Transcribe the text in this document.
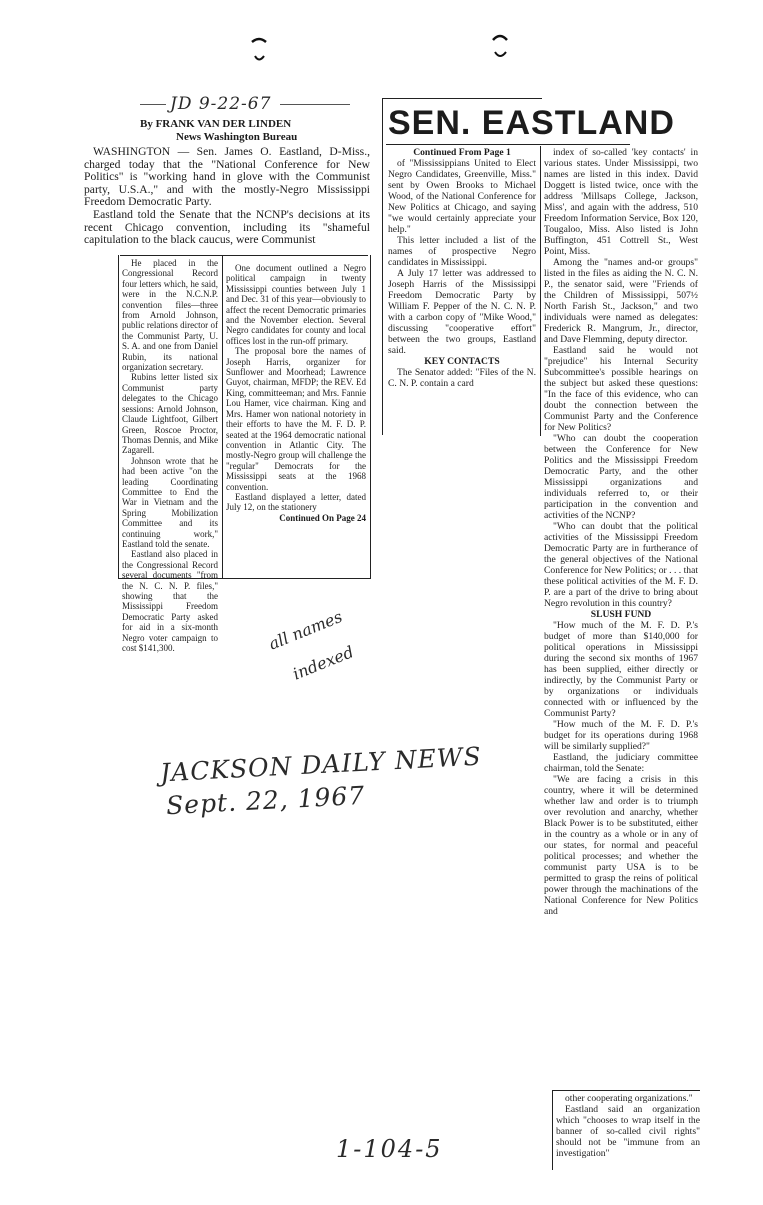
JD 9-22-67
By FRANK VAN DER LINDEN
News Washington Bureau

WASHINGTON — Sen. James O. Eastland, D-Miss., charged today that the "National Conference for New Politics" is "working hand in glove with the Communist party, U.S.A.," and with the mostly-Negro Mississippi Freedom Democratic Party.

Eastland told the Senate that the NCNP's decisions at its recent Chicago convention, including its "shameful capitulation to the black caucus, were Communist

He placed in the Congressional Record four letters which, he said, were in the N.C.N.P. convention files—three from Arnold Johnson, public relations director of the Communist Party, U. S. A. and one from Daniel Rubin, its national organization secretary.

Rubins letter listed six Communist party delegates to the Chicago sessions: Arnold Johnson, Claude Lightfoot, Gilbert Green, Roscoe Proctor, Thomas Dennis, and Mike Zagarell.

Johnson wrote that he had been active "on the leading Coordinating Committee to End the War in Vietnam and the Spring Mobilization Committee and its continuing work," Eastland told the senate.

Eastland also placed in the Congressional Record several documents "from the N. C. N. P. files," showing that the Mississippi Freedom Democratic Party asked for aid in a six-month Negro voter campaign to cost $141,300.

One document outlined a Negro political campaign in twenty Mississippi counties between July 1 and Dec. 31 of this year—obviously to affect the recent Democratic primaries and the November election. Several Negro candidates for county and local offices lost in the run-off primary.

The proposal bore the names of Joseph Harris, organizer for Sunflower and Moorhead; Lawrence Guyot, chairman, MFDP; the REV. Ed King, committeeman; and Mrs. Fannie Lou Hamer, vice chairman. King and Mrs. Hamer won national notoriety in their efforts to have the M. F. D. P. seated at the 1964 democratic national convention in Atlantic City. The mostly-Negro group will challenge the "regular" Democrats for the Mississippi seats at the 1968 convention.

Eastland displayed a letter, dated July 12, on the stationery

Continued On Page 24

SEN. EASTLAND

Continued From Page 1

of "Mississippians United to Elect Negro Candidates, Greenville, Miss." sent by Owen Brooks to Michael Wood, of the National Conference for New Politics at Chicago, and saying "we would certainly appreciate your help."

This letter included a list of the names of prospective Negro candidates in Mississippi.

A July 17 letter was addressed to Joseph Harris of the Mississippi Freedom Democratic Party by William F. Pepper of the N. C. N. P. with a carbon copy of "Mike Wood," discussing "cooperative effort" between the two groups, Eastland said.

KEY CONTACTS

The Senator added: "Files of the N. C. N. P. contain a card

index of so-called 'key contacts' in various states. Under Mississippi, two names are listed in this index. David Doggett is listed twice, once with the address 'Millsaps College, Jackson, Miss', and again with the address, 510 Freedom Information Service, Box 120, Tougaloo, Miss. Also listed is John Buffington, 451 Cottrell St., West Point, Miss.

Among the "names and-or groups" listed in the files as aiding the N. C. N. P., the senator said, were "Friends of the Children of Mississippi, 507½ North Farish St., Jackson," and two individuals were named as delegates: Frederick R. Mangrum, Jr., director, and Dave Flemming, deputy director.

Eastland said he would not "prejudice" his Internal Security Subcommittee's possible hearings on the subject but asked these questions: "In the face of this evidence, who can doubt the connection between the Communist Party and the Conference for New Politics?

"Who can doubt the cooperation between the Conference for New Politics and the Mississippi Freedom Democratic Party, and the other Mississippi organizations and individuals referred to, or their participation in the convention and activities of the NCNP?

"Who can doubt that the political activities of the Mississippi Freedom Democratic Party are in furtherance of the general objectives of the National Conference for New Politics; or . . . that these political activities of the M. F. D. P. are a part of the drive to bring about Negro revolution in this country?

SLUSH FUND

"How much of the M. F. D. P.'s budget of more than $140,000 for political operations in Mississippi during the second six months of 1967 has been supplied, either directly or indirectly, by the Communist Party or by organizations or individuals connected with or influenced by the Communist Party?

"How much of the M. F. D. P.'s budget for its operations during 1968 will be similarly supplied?"

Eastland, the judiciary committee chairman, told the Senate:

"We are facing a crisis in this country, where it will be determined whether law and order is to triumph over revolution and anarchy, whether Black Power is to be substituted, either in the country as a whole or in any of our states, for normal and peaceful political processes; and whether the communist party USA is to be permitted to grasp the reins of political power through the machinations of the National Conference for New Politics and

other cooperating organizations."

Eastland said an organization which "chooses to wrap itself in the banner of so-called civil rights" should not be "immune from an investigation"

all names
indexed
JACKSON DAILY NEWS
Sept. 22, 1967
1-104-5
